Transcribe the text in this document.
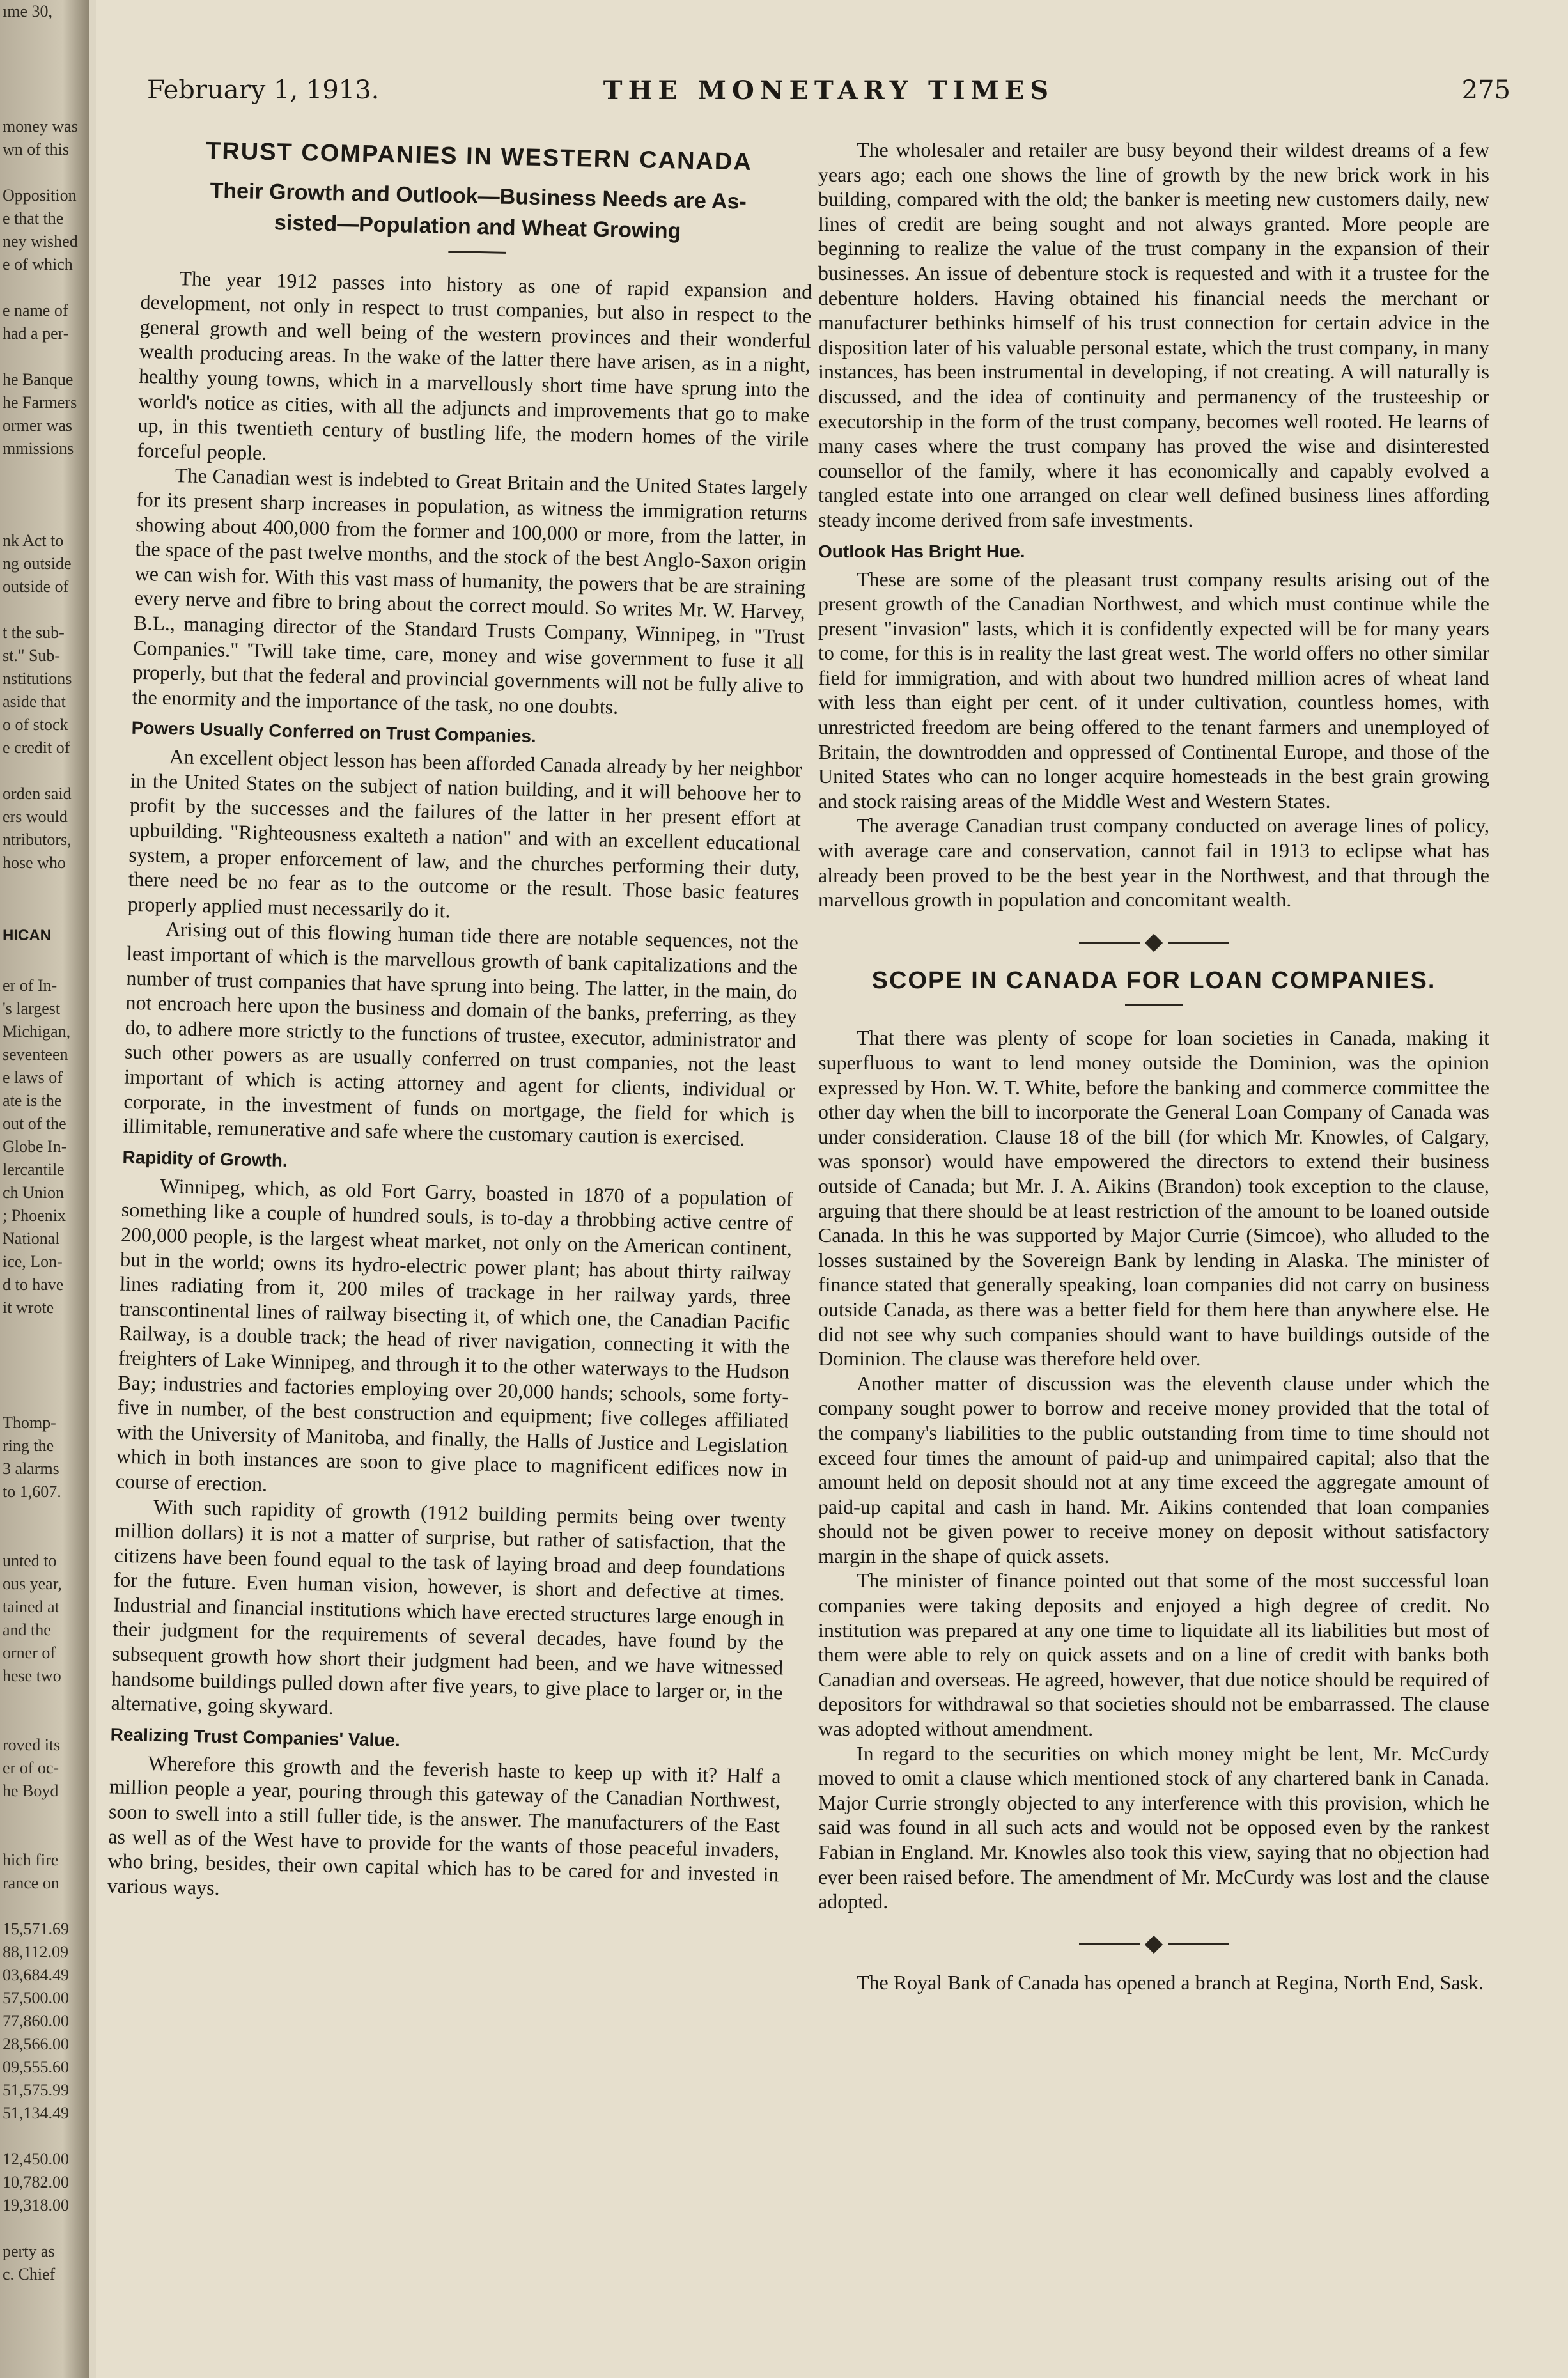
ıme 30,
money was
wn of this
Opposition
e that the
ney wished
e of which
e name of
had a per-
he Banque
he Farmers
ormer was
mmissions
nk Act to
ng outside
outside of
t the sub-
st." Sub-
nstitutions
aside that
o of stock
e credit of
orden said
ers would
ntributors,
hose who
HICAN
er of In-
's largest
Michigan,
seventeen
e laws of
ate is the
out of the
Globe In-
lercantile
ch Union
; Phoenix
National
ice, Lon-
d to have
it wrote
Thomp-
ring the
3 alarms
to 1,607.
unted to
ous year,
tained at
and the
orner of
hese two
roved its
er of oc-
he Boyd
hich fire
rance on
15,571.69
88,112.09
03,684.49
57,500.00
77,860.00
28,566.00
09,555.60
51,575.99
51,134.49
12,450.00
10,782.00
19,318.00
perty as
c. Chief
February 1, 1913.	THE MONETARY TIMES	275
TRUST COMPANIES IN WESTERN CANADA
Their Growth and Outlook—Business Needs are As-
sisted—Population and Wheat Growing

The year 1912 passes into history as one of rapid expansion and development, not only in respect to trust companies, but also in respect to the general growth and well being of the western provinces and their wonderful wealth producing areas. In the wake of the latter there have arisen, as in a night, healthy young towns, which in a marvellously short time have sprung into the world's notice as cities, with all the adjuncts and improvements that go to make up, in this twentieth century of bustling life, the modern homes of the virile forceful people.

The Canadian west is indebted to Great Britain and the United States largely for its present sharp increases in population, as witness the immigration returns showing about 400,000 from the former and 100,000 or more, from the latter, in the space of the past twelve months, and the stock of the best Anglo-Saxon origin we can wish for. With this vast mass of humanity, the powers that be are straining every nerve and fibre to bring about the correct mould. So writes Mr. W. Harvey, B.L., managing director of the Standard Trusts Company, Winnipeg, in "Trust Companies." 'Twill take time, care, money and wise government to fuse it all properly, but that the federal and provincial governments will not be fully alive to the enormity and the importance of the task, no one doubts.

Powers Usually Conferred on Trust Companies.

An excellent object lesson has been afforded Canada already by her neighbor in the United States on the subject of nation building, and it will behoove her to profit by the successes and the failures of the latter in her present effort at upbuilding. "Righteousness exalteth a nation" and with an excellent educational system, a proper enforcement of law, and the churches performing their duty, there need be no fear as to the outcome or the result. Those basic features properly applied must necessarily do it.

Arising out of this flowing human tide there are notable sequences, not the least important of which is the marvellous growth of bank capitalizations and the number of trust companies that have sprung into being. The latter, in the main, do not encroach here upon the business and domain of the banks, preferring, as they do, to adhere more strictly to the functions of trustee, executor, administrator and such other powers as are usually conferred on trust companies, not the least important of which is acting attorney and agent for clients, individual or corporate, in the investment of funds on mortgage, the field for which is illimitable, remunerative and safe where the customary caution is exercised.

Rapidity of Growth.

Winnipeg, which, as old Fort Garry, boasted in 1870 of a population of something like a couple of hundred souls, is to-day a throbbing active centre of 200,000 people, is the largest wheat market, not only on the American continent, but in the world; owns its hydro-electric power plant; has about thirty railway lines radiating from it, 200 miles of trackage in her railway yards, three transcontinental lines of railway bisecting it, of which one, the Canadian Pacific Railway, is a double track; the head of river navigation, connecting it with the freighters of Lake Winnipeg, and through it to the other waterways to the Hudson Bay; industries and factories employing over 20,000 hands; schools, some forty-five in number, of the best construction and equipment; five colleges affiliated with the University of Manitoba, and finally, the Halls of Justice and Legislation which in both instances are soon to give place to magnificent edifices now in course of erection.

With such rapidity of growth (1912 building permits being over twenty million dollars) it is not a matter of surprise, but rather of satisfaction, that the citizens have been found equal to the task of laying broad and deep foundations for the future. Even human vision, however, is short and defective at times. Industrial and financial institutions which have erected structures large enough in their judgment for the requirements of several decades, have found by the subsequent growth how short their judgment had been, and we have witnessed handsome buildings pulled down after five years, to give place to larger or, in the alternative, going skyward.

Realizing Trust Companies' Value.

Wherefore this growth and the feverish haste to keep up with it? Half a million people a year, pouring through this gateway of the Canadian Northwest, soon to swell into a still fuller tide, is the answer. The manufacturers of the East as well as of the West have to provide for the wants of those peaceful invaders, who bring, besides, their own capital which has to be cared for and invested in various ways.

The wholesaler and retailer are busy beyond their wildest dreams of a few years ago; each one shows the line of growth by the new brick work in his building, compared with the old; the banker is meeting new customers daily, new lines of credit are being sought and not always granted. More people are beginning to realize the value of the trust company in the expansion of their businesses. An issue of debenture stock is requested and with it a trustee for the debenture holders. Having obtained his financial needs the merchant or manufacturer bethinks himself of his trust connection for certain advice in the disposition later of his valuable personal estate, which the trust company, in many instances, has been instrumental in developing, if not creating. A will naturally is discussed, and the idea of continuity and permanency of the trusteeship or executorship in the form of the trust company, becomes well rooted. He learns of many cases where the trust company has proved the wise and disinterested counsellor of the family, where it has economically and capably evolved a tangled estate into one arranged on clear well defined business lines affording steady income derived from safe investments.

Outlook Has Bright Hue.

These are some of the pleasant trust company results arising out of the present growth of the Canadian Northwest, and which must continue while the present "invasion" lasts, which it is confidently expected will be for many years to come, for this is in reality the last great west. The world offers no other similar field for immigration, and with about two hundred million acres of wheat land with less than eight per cent. of it under cultivation, countless homes, with unrestricted freedom are being offered to the tenant farmers and unemployed of Britain, the downtrodden and oppressed of Continental Europe, and those of the United States who can no longer acquire homesteads in the best grain growing and stock raising areas of the Middle West and Western States.

The average Canadian trust company conducted on average lines of policy, with average care and conservation, cannot fail in 1913 to eclipse what has already been proved to be the best year in the Northwest, and that through the marvellous growth in population and concomitant wealth.

SCOPE IN CANADA FOR LOAN COMPANIES.

That there was plenty of scope for loan societies in Canada, making it superfluous to want to lend money outside the Dominion, was the opinion expressed by Hon. W. T. White, before the banking and commerce committee the other day when the bill to incorporate the General Loan Company of Canada was under consideration. Clause 18 of the bill (for which Mr. Knowles, of Calgary, was sponsor) would have empowered the directors to extend their business outside of Canada; but Mr. J. A. Aikins (Brandon) took exception to the clause, arguing that there should be at least restriction of the amount to be loaned outside Canada. In this he was supported by Major Currie (Simcoe), who alluded to the losses sustained by the Sovereign Bank by lending in Alaska. The minister of finance stated that generally speaking, loan companies did not carry on business outside Canada, as there was a better field for them here than anywhere else. He did not see why such companies should want to have buildings outside of the Dominion. The clause was therefore held over.

Another matter of discussion was the eleventh clause under which the company sought power to borrow and receive money provided that the total of the company's liabilities to the public outstanding from time to time should not exceed four times the amount of paid-up and unimpaired capital; also that the amount held on deposit should not at any time exceed the aggregate amount of paid-up capital and cash in hand. Mr. Aikins contended that loan companies should not be given power to receive money on deposit without satisfactory margin in the shape of quick assets.

The minister of finance pointed out that some of the most successful loan companies were taking deposits and enjoyed a high degree of credit. No institution was prepared at any one time to liquidate all its liabilities but most of them were able to rely on quick assets and on a line of credit with banks both Canadian and overseas. He agreed, however, that due notice should be required of depositors for withdrawal so that societies should not be embarrassed. The clause was adopted without amendment.

In regard to the securities on which money might be lent, Mr. McCurdy moved to omit a clause which mentioned stock of any chartered bank in Canada. Major Currie strongly objected to any interference with this provision, which he said was found in all such acts and would not be opposed even by the rankest Fabian in England. Mr. Knowles also took this view, saying that no objection had ever been raised before. The amendment of Mr. McCurdy was lost and the clause adopted.

The Royal Bank of Canada has opened a branch at Regina, North End, Sask.
